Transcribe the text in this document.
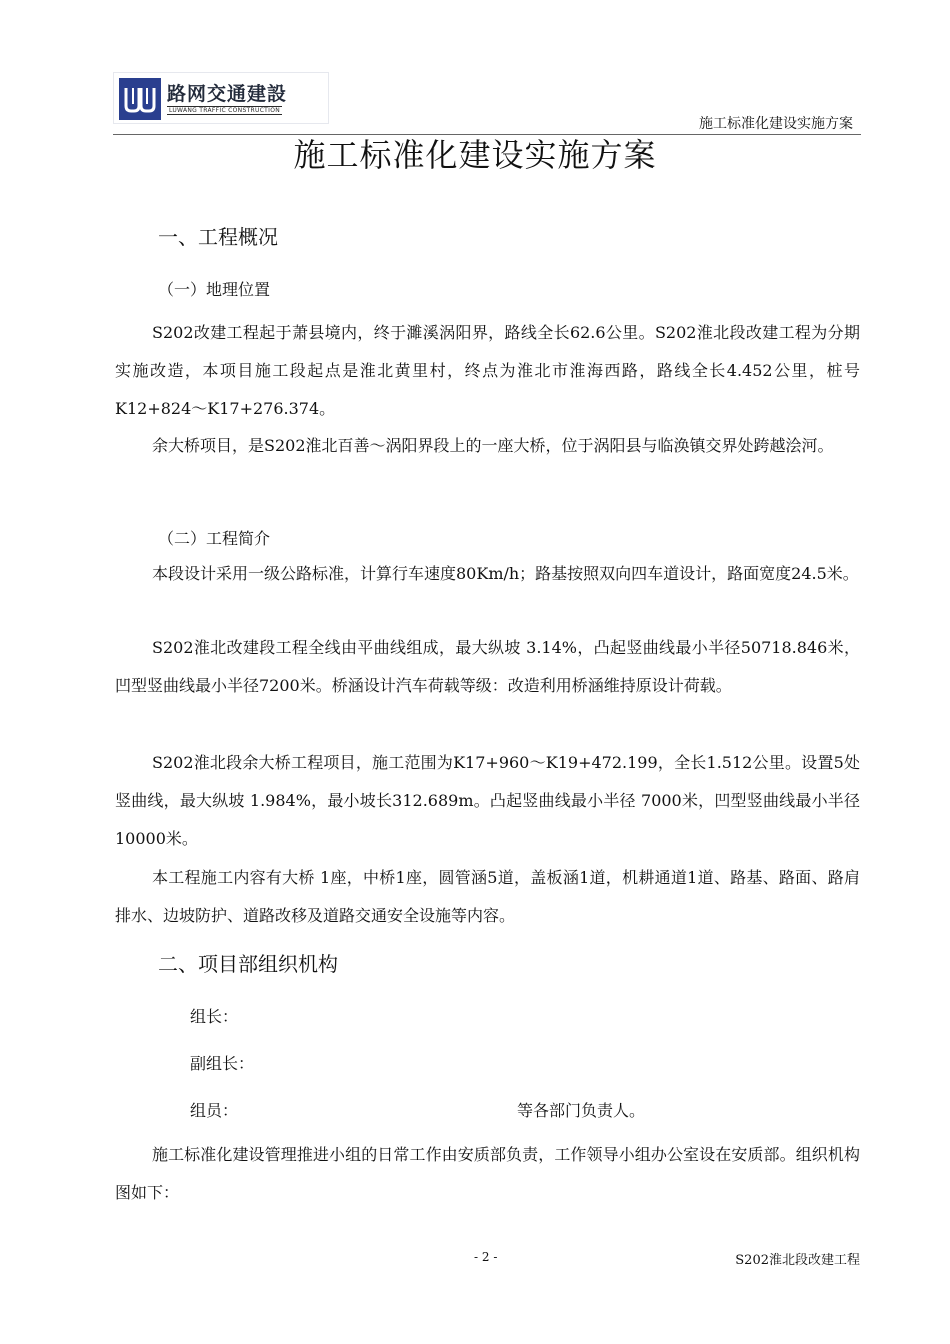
路网交通建設
LUWANG TRAFFIC CONSTRUCTION
施工标准化建设实施方案
施工标准化建设实施方案
一、工程概况
（一）地理位置
S202改建工程起于萧县境内，终于濉溪涡阳界，路线全长62.6公里。S202淮北段改建工程为分期实施改造，本项目施工段起点是淮北黄里村，终点为淮北市淮海西路，路线全长4.452公里，桩号K12+824～K17+276.374。
余大桥项目，是S202淮北百善～涡阳界段上的一座大桥，位于涡阳县与临涣镇交界处跨越浍河。
（二）工程简介
本段设计采用一级公路标准，计算行车速度80Km/h；路基按照双向四车道设计，路面宽度24.5米。
S202淮北改建段工程全线由平曲线组成，最大纵坡 3.14%，凸起竖曲线最小半径50718.846米，凹型竖曲线最小半径7200米。桥涵设计汽车荷载等级：改造利用桥涵维持原设计荷载。
S202淮北段余大桥工程项目，施工范围为K17+960～K19+472.199，全长1.512公里。设置5处竖曲线，最大纵坡 1.984%，最小坡长312.689m。凸起竖曲线最小半径 7000米，凹型竖曲线最小半径 10000米。
本工程施工内容有大桥 1座，中桥1座，圆管涵5道，盖板涵1道，机耕通道1道、路基、路面、路肩排水、边坡防护、道路改移及道路交通安全设施等内容。
二、项目部组织机构
组长：
副组长：
组员：	等各部门负责人。
施工标准化建设管理推进小组的日常工作由安质部负责，工作领导小组办公室设在安质部。组织机构图如下：
- 2 -	S202淮北段改建工程
